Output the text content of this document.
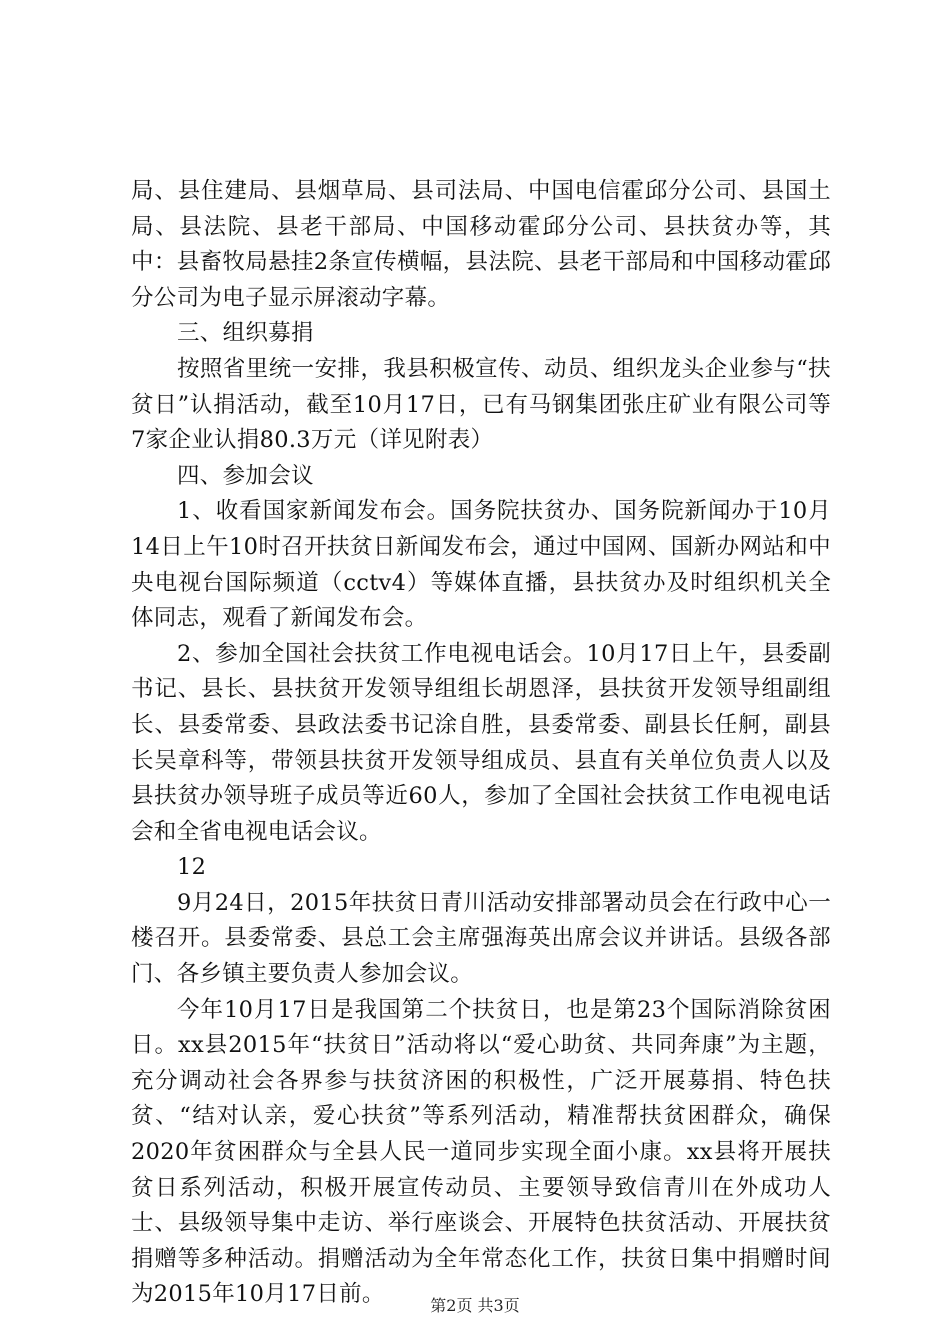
局、县住建局、县烟草局、县司法局、中国电信霍邱分公司、县国土局、县法院、县老干部局、中国移动霍邱分公司、县扶贫办等，其中：县畜牧局悬挂2条宣传横幅，县法院、县老干部局和中国移动霍邱分公司为电子显示屏滚动字幕。

三、组织募捐

按照省里统一安排，我县积极宣传、动员、组织龙头企业参与“扶贫日”认捐活动，截至10月17日，已有马钢集团张庄矿业有限公司等7家企业认捐80.3万元（详见附表）

四、参加会议

1、收看国家新闻发布会。国务院扶贫办、国务院新闻办于10月14日上午10时召开扶贫日新闻发布会，通过中国网、国新办网站和中央电视台国际频道（cctv4）等媒体直播，县扶贫办及时组织机关全体同志，观看了新闻发布会。

2、参加全国社会扶贫工作电视电话会。10月17日上午，县委副书记、县长、县扶贫开发领导组组长胡恩泽，县扶贫开发领导组副组长、县委常委、县政法委书记涂自胜，县委常委、副县长任舸，副县长吴章科等，带领县扶贫开发领导组成员、县直有关单位负责人以及县扶贫办领导班子成员等近60人，参加了全国社会扶贫工作电视电话会和全省电视电话会议。

12

9月24日，2015年扶贫日青川活动安排部署动员会在行政中心一楼召开。县委常委、县总工会主席强海英出席会议并讲话。县级各部门、各乡镇主要负责人参加会议。

今年10月17日是我国第二个扶贫日，也是第23个国际消除贫困日。xx县2015年“扶贫日”活动将以“爱心助贫、共同奔康”为主题，充分调动社会各界参与扶贫济困的积极性，广泛开展募捐、特色扶贫、“结对认亲，爱心扶贫”等系列活动，精准帮扶贫困群众，确保2020年贫困群众与全县人民一道同步实现全面小康。xx县将开展扶贫日系列活动，积极开展宣传动员、主要领导致信青川在外成功人士、县级领导集中走访、举行座谈会、开展特色扶贫活动、开展扶贫捐赠等多种活动。捐赠活动为全年常态化工作，扶贫日集中捐赠时间为2015年10月17日前。	第2页 共3页
